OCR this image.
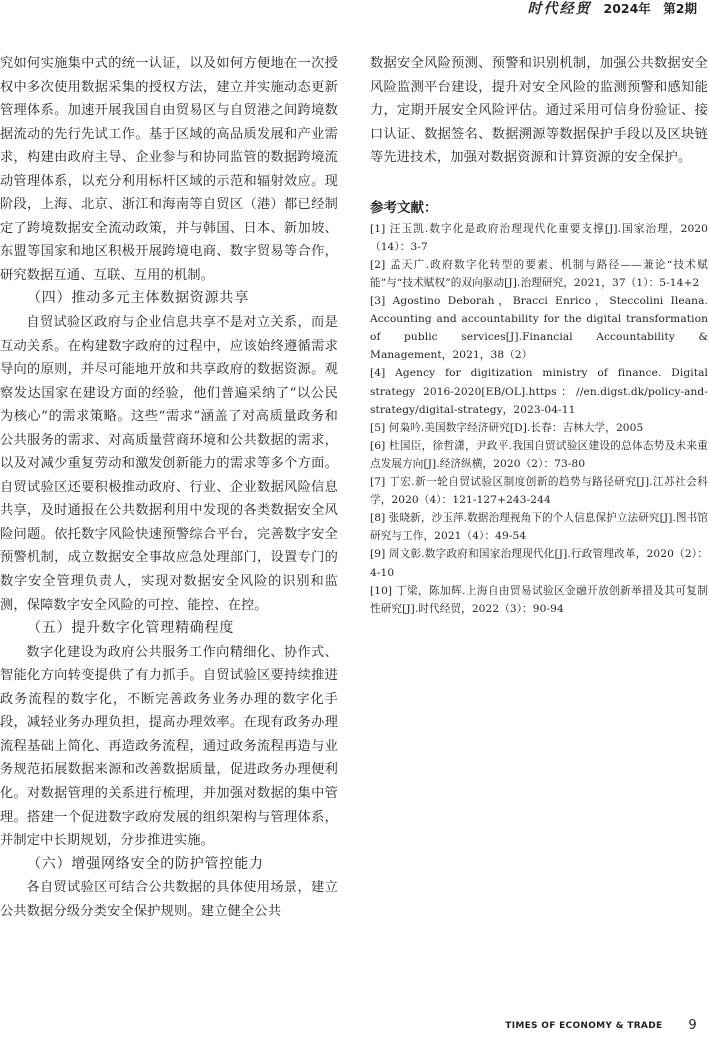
时代经贸 2024年　第2期

究如何实施集中式的统一认证，以及如何方便地在一次授权中多次使用数据采集的授权方法，建立并实施动态更新管理体系。加速开展我国自由贸易区与自贸港之间跨境数据流动的先行先试工作。基于区域的高品质发展和产业需求，构建由政府主导、企业参与和协同监管的数据跨境流动管理体系，以充分利用标杆区域的示范和辐射效应。现阶段，上海、北京、浙江和海南等自贸区（港）都已经制定了跨境数据安全流动政策，并与韩国、日本、新加坡、东盟等国家和地区积极开展跨境电商、数字贸易等合作，研究数据互通、互联、互用的机制。

（四）推动多元主体数据资源共享

自贸试验区政府与企业信息共享不是对立关系，而是互动关系。在构建数字政府的过程中，应该始终遵循需求导向的原则，并尽可能地开放和共享政府的数据资源。观察发达国家在建设方面的经验，他们普遍采纳了“以公民为核心”的需求策略。这些“需求”涵盖了对高质量政务和公共服务的需求、对高质量营商环境和公共数据的需求，以及对减少重复劳动和激发创新能力的需求等多个方面。自贸试验区还要积极推动政府、行业、企业数据风险信息共享，及时通报在公共数据利用中发现的各类数据安全风险问题。依托数字风险快速预警综合平台，完善数字安全预警机制，成立数据安全事故应急处理部门，设置专门的数字安全管理负责人，实现对数据安全风险的识别和监测，保障数字安全风险的可控、能控、在控。

（五）提升数字化管理精确程度

数字化建设为政府公共服务工作向精细化、协作式、智能化方向转变提供了有力抓手。自贸试验区要持续推进政务流程的数字化，不断完善政务业务办理的数字化手段，减轻业务办理负担，提高办理效率。在现有政务办理流程基础上简化、再造政务流程，通过政务流程再造与业务规范拓展数据来源和改善数据质量，促进政务办理便利化。对数据管理的关系进行梳理，并加强对数据的集中管理。搭建一个促进数字政府发展的组织架构与管理体系，并制定中长期规划，分步推进实施。

（六）增强网络安全的防护管控能力

各自贸试验区可结合公共数据的具体使用场景，建立公共数据分级分类安全保护规则。建立健全公共

数据安全风险预测、预警和识别机制，加强公共数据安全风险监测平台建设，提升对安全风险的监测预警和感知能力，定期开展安全风险评估。通过采用可信身份验证、接口认证、数据签名、数据溯源等数据保护手段以及区块链等先进技术，加强对数据资源和计算资源的安全保护。

参考文献：

[1] 汪玉凯.数字化是政府治理现代化重要支撑[J].国家治理，2020（14）：3-7

[2] 孟天广.政府数字化转型的要素、机制与路径——兼论“技术赋能”与“技术赋权”的双向驱动[J].治理研究，2021，37（1）：5-14+2

[3] Agostino Deborah，Bracci Enrico，Steccolini Ileana. Accounting and accountability for the digital transformation of public services[J].Financial Accountability & Management，2021，38（2）

[4] Agency for digitization ministry of finance. Digital strategy 2016-2020[EB/OL].https：//en.digst.dk/policy-and-strategy/digital-strategy，2023-04-11

[5] 何枭吟.美国数字经济研究[D].长春：吉林大学，2005

[6] 杜国臣，徐哲潇，尹政平.我国自贸试验区建设的总体态势及未来重点发展方向[J].经济纵横，2020（2）：73-80

[7] 丁宏.新一轮自贸试验区制度创新的趋势与路径研究[J].江苏社会科学，2020（4）：121-127+243-244

[8] 张晓新，沙玉萍.数据治理视角下的个人信息保护立法研究[J].图书馆研究与工作，2021（4）：49-54

[9] 周文彰.数字政府和国家治理现代化[J].行政管理改革，2020（2）：4-10

[10] 丁梁，陈加辉.上海自由贸易试验区金融开放创新举措及其可复制性研究[J].时代经贸，2022（3）：90-94

TIMES OF ECONOMY & TRADE 9
